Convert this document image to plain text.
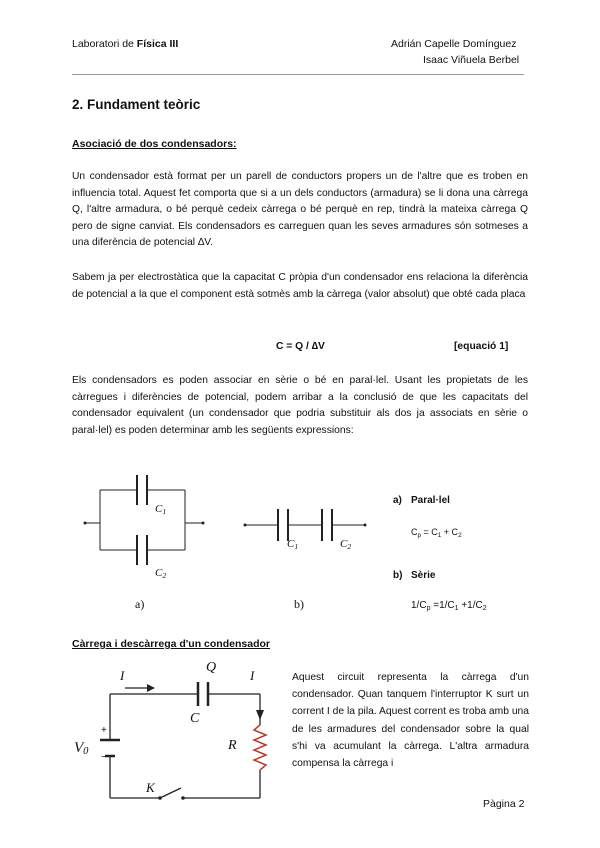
Laboratori de Física III	Adrián Capelle Domínguez
Isaac Viñuela Berbel
2. Fundament teòric
Asociació de dos condensadors:
Un condensador està format per un parell de conductors propers un de l'altre que es troben en influencia total. Aquest fet comporta que si a un dels conductors (armadura) se li dona una càrrega Q, l'altre armadura, o bé perquè cedeix càrrega o bé perquè en rep, tindrà la mateixa càrrega Q pero de signe canviat. Els condensadors es carreguen quan les seves armadures són sotmeses a una diferència de potencial ∆V.
Sabem ja per electrostàtica que la capacitat C pròpia d'un condensador ens relaciona la diferència de potencial a la que el component està sotmès amb la càrrega (valor absolut) que obté cada placa
C = Q / ∆V	[equació 1]
Els condensadors es poden associar en sèrie o bé en paral·lel. Usant les propietats de les càrregues i diferències de potencial, podem arribar a la conclusió de que les capacitats del condensador equivalent (un condensador que podria substituir als dos ja associats en sèrie o paral·lel) es poden determinar amb les següents expressions:
$C_1$
$C_2$
a)
$C_1$	$C_2$
b)
a) Paral·lel
$C_p = C_1 + C_2$
b) Sèrie
$1/C_p =1/C_1 +1/C_2$
Càrrega i descàrrega d'un condensador
I
Q
I
C
R
$V_0$
+
−
K
Aquest circuit representa la càrrega d'un condensador. Quan tanquem l'interruptor K surt un corrent I de la pila. Aquest corrent es troba amb una de les armadures del condensador sobre la qual s'hi va acumulant la càrrega. L'altra armadura compensa la càrrega i
Pàgina 2
